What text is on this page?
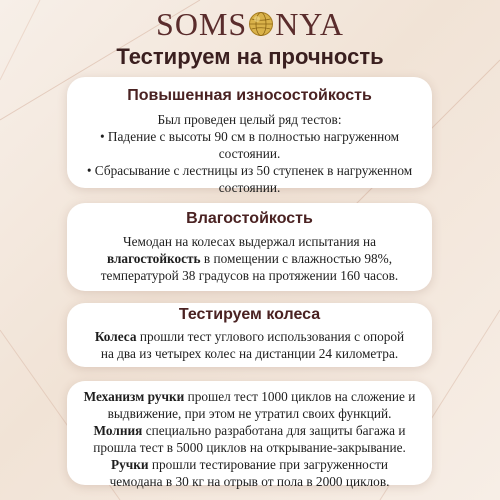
SOMS NYA
Тестируем на прочность
Повышенная износостойкость

Был проведен целый ряд тестов:

• Падение с высоты 90 см в полностью нагруженном

состоянии.

• Сбрасывание с лестницы из 50 ступенек в нагруженном

состоянии.

Влагостойкость

Чемодан на колесах выдержал испытания на

влагостойкость в помещении с влажностью 98%,

температурой 38 градусов на протяжении 160 часов.

Тестируем колеса

Колеса прошли тест углового использования с опорой

на два из четырех колес на дистанции 24 километра.

Механизм ручки прошел тест 1000 циклов на сложение и

выдвижение, при этом не утратил своих функций.

Молния специально разработана для защиты багажа и

прошла тест в 5000 циклов на открывание-закрывание.

Ручки прошли тестирование при загруженности

чемодана в 30 кг на отрыв от пола в 2000 циклов.
